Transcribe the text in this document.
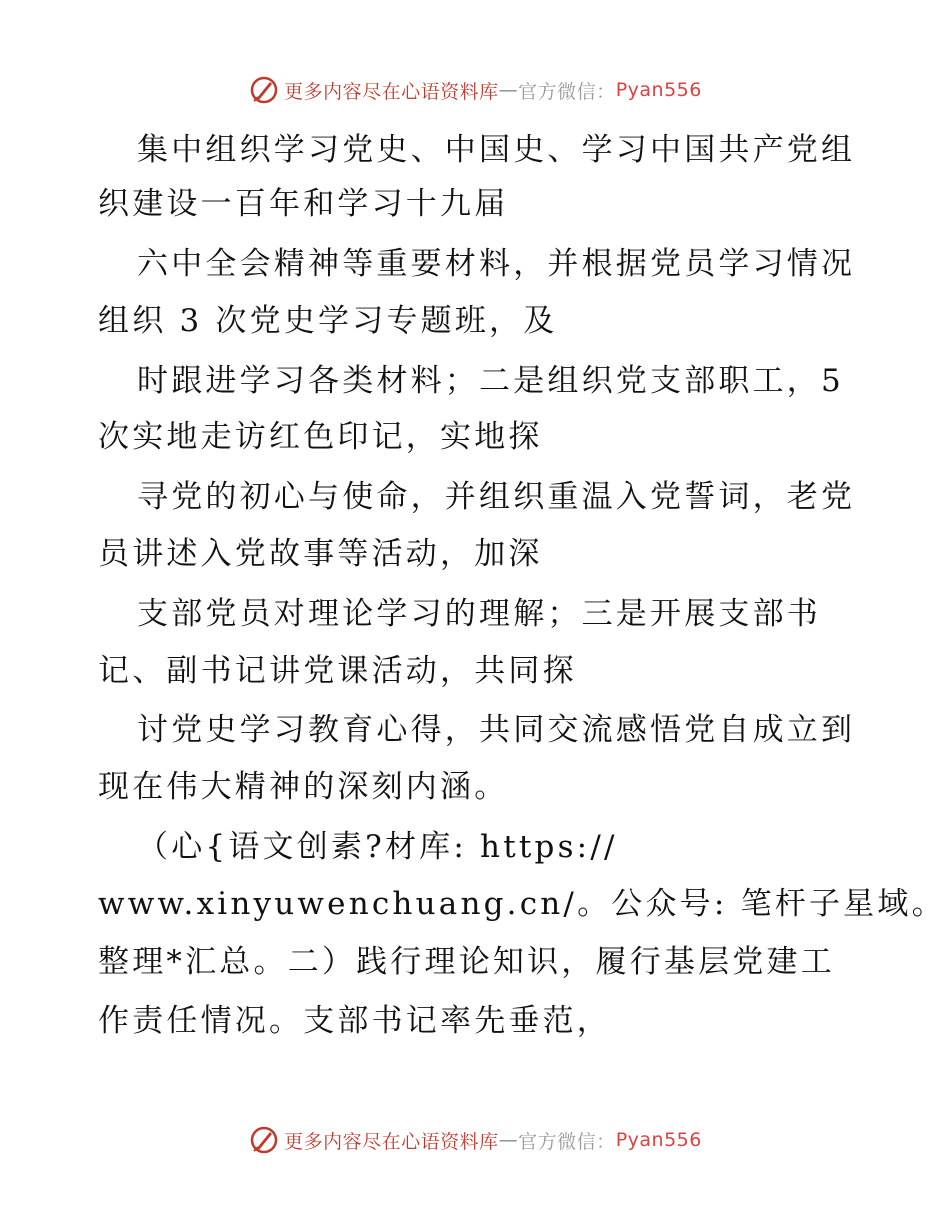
更多内容尽在心语资料库 — 官方微信： Pyan556
集中组织学习党史、中国史、学习中国共产党组
织建设一百年和学习十九届
六中全会精神等重要材料，并根据党员学习情况
组织 3 次党史学习专题班，及
时跟进学习各类材料；二是组织党支部职工，5
次实地走访红色印记，实地探
寻党的初心与使命，并组织重温入党誓词，老党
员讲述入党故事等活动，加深
支部党员对理论学习的理解；三是开展支部书
记、副书记讲党课活动，共同探
讨党史学习教育心得，共同交流感悟党自成立到
现在伟大精神的深刻内涵。
（心{语文创素?材库: https://
www.xinyuwenchuang.cn/。公众号: 笔杆子星域。
整理*汇总。二）践行理论知识，履行基层党建工
作责任情况。支部书记率先垂范，
更多内容尽在心语资料库 — 官方微信： Pyan556
